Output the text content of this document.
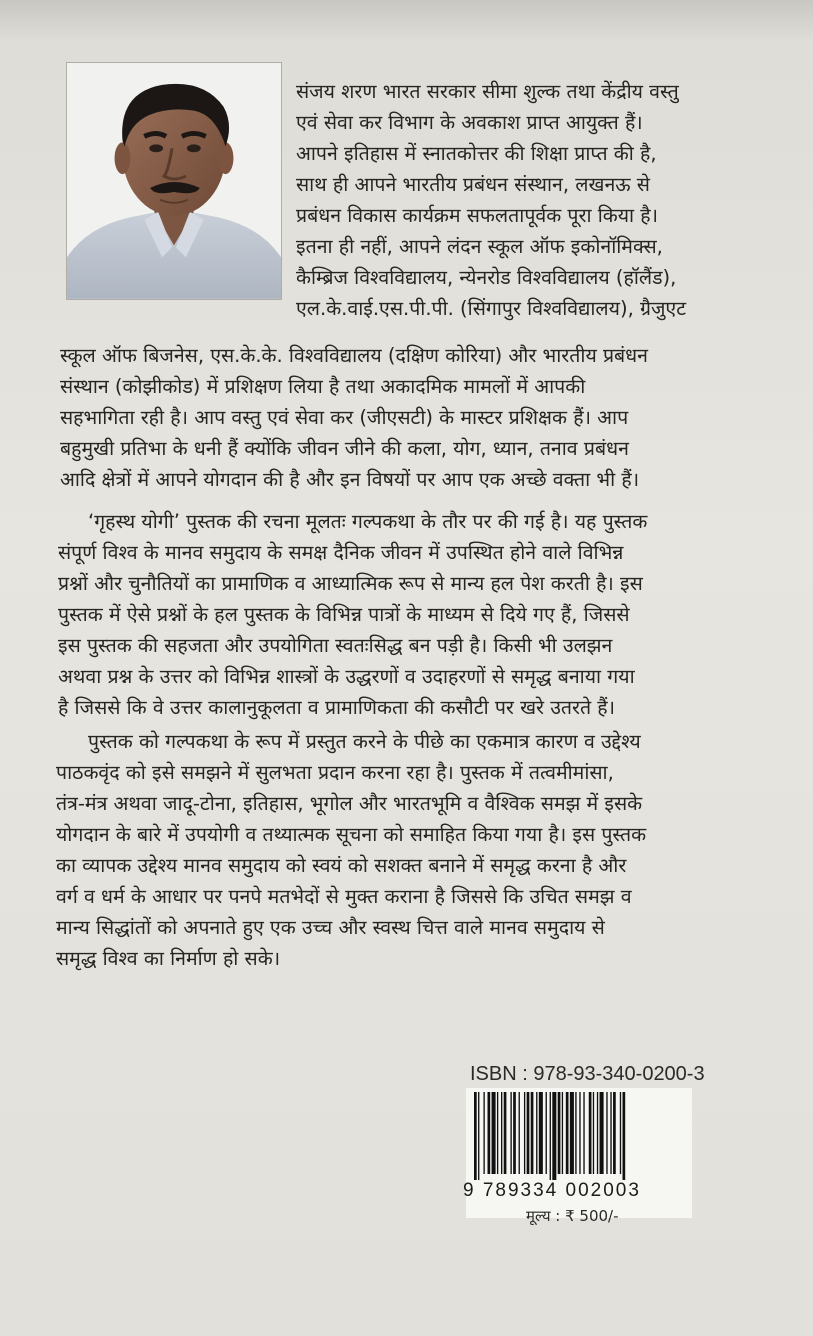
संजय शरण भारत सरकार सीमा शुल्क तथा केंद्रीय वस्तु
एवं सेवा कर विभाग के अवकाश प्राप्त आयुक्त हैं।
आपने इतिहास में स्नातकोत्तर की शिक्षा प्राप्त की है,
साथ ही आपने भारतीय प्रबंधन संस्थान, लखनऊ से
प्रबंधन विकास कार्यक्रम सफलतापूर्वक पूरा किया है।
इतना ही नहीं, आपने लंदन स्कूल ऑफ इकोनॉमिक्स,
कैम्ब्रिज विश्वविद्यालय, न्येनरोड विश्वविद्यालय (हॉलैंड),
एल.के.वाई.एस.पी.पी. (सिंगापुर विश्वविद्यालय), ग्रैजुएट
स्कूल ऑफ बिजनेस, एस.के.के. विश्वविद्यालय (दक्षिण कोरिया) और भारतीय प्रबंधन
संस्थान (कोझीकोड) में प्रशिक्षण लिया है तथा अकादमिक मामलों में आपकी
सहभागिता रही है। आप वस्तु एवं सेवा कर (जीएसटी) के मास्टर प्रशिक्षक हैं। आप
बहुमुखी प्रतिभा के धनी हैं क्योंकि जीवन जीने की कला, योग, ध्यान, तनाव प्रबंधन
आदि क्षेत्रों में आपने योगदान की है और इन विषयों पर आप एक अच्छे वक्ता भी हैं।
‘गृहस्थ योगी’ पुस्तक की रचना मूलतः गल्पकथा के तौर पर की गई है। यह पुस्तक
संपूर्ण विश्व के मानव समुदाय के समक्ष दैनिक जीवन में उपस्थित होने वाले विभिन्न
प्रश्नों और चुनौतियों का प्रामाणिक व आध्यात्मिक रूप से मान्य हल पेश करती है। इस
पुस्तक में ऐसे प्रश्नों के हल पुस्तक के विभिन्न पात्रों के माध्यम से दिये गए हैं, जिससे
इस पुस्तक की सहजता और उपयोगिता स्वतःसिद्ध बन पड़ी है। किसी भी उलझन
अथवा प्रश्न के उत्तर को विभिन्न शास्त्रों के उद्धरणों व उदाहरणों से समृद्ध बनाया गया
है जिससे कि वे उत्तर कालानुकूलता व प्रामाणिकता की कसौटी पर खरे उतरते हैं।
पुस्तक को गल्पकथा के रूप में प्रस्तुत करने के पीछे का एकमात्र कारण व उद्देश्य
पाठकवृंद को इसे समझने में सुलभता प्रदान करना रहा है। पुस्तक में तत्वमीमांसा,
तंत्र-मंत्र अथवा जादू-टोना, इतिहास, भूगोल और भारतभूमि व वैश्विक समझ में इसके
योगदान के बारे में उपयोगी व तथ्यात्मक सूचना को समाहित किया गया है। इस पुस्तक
का व्यापक उद्देश्य मानव समुदाय को स्वयं को सशक्त बनाने में समृद्ध करना है और
वर्ग व धर्म के आधार पर पनपे मतभेदों से मुक्त कराना है जिससे कि उचित समझ व
मान्य सिद्धांतों को अपनाते हुए एक उच्च और स्वस्थ चित्त वाले मानव समुदाय से
समृद्ध विश्व का निर्माण हो सके।
ISBN : 978-93-340-0200-3
9 789334 002003
मूल्य : ₹ 500/-
